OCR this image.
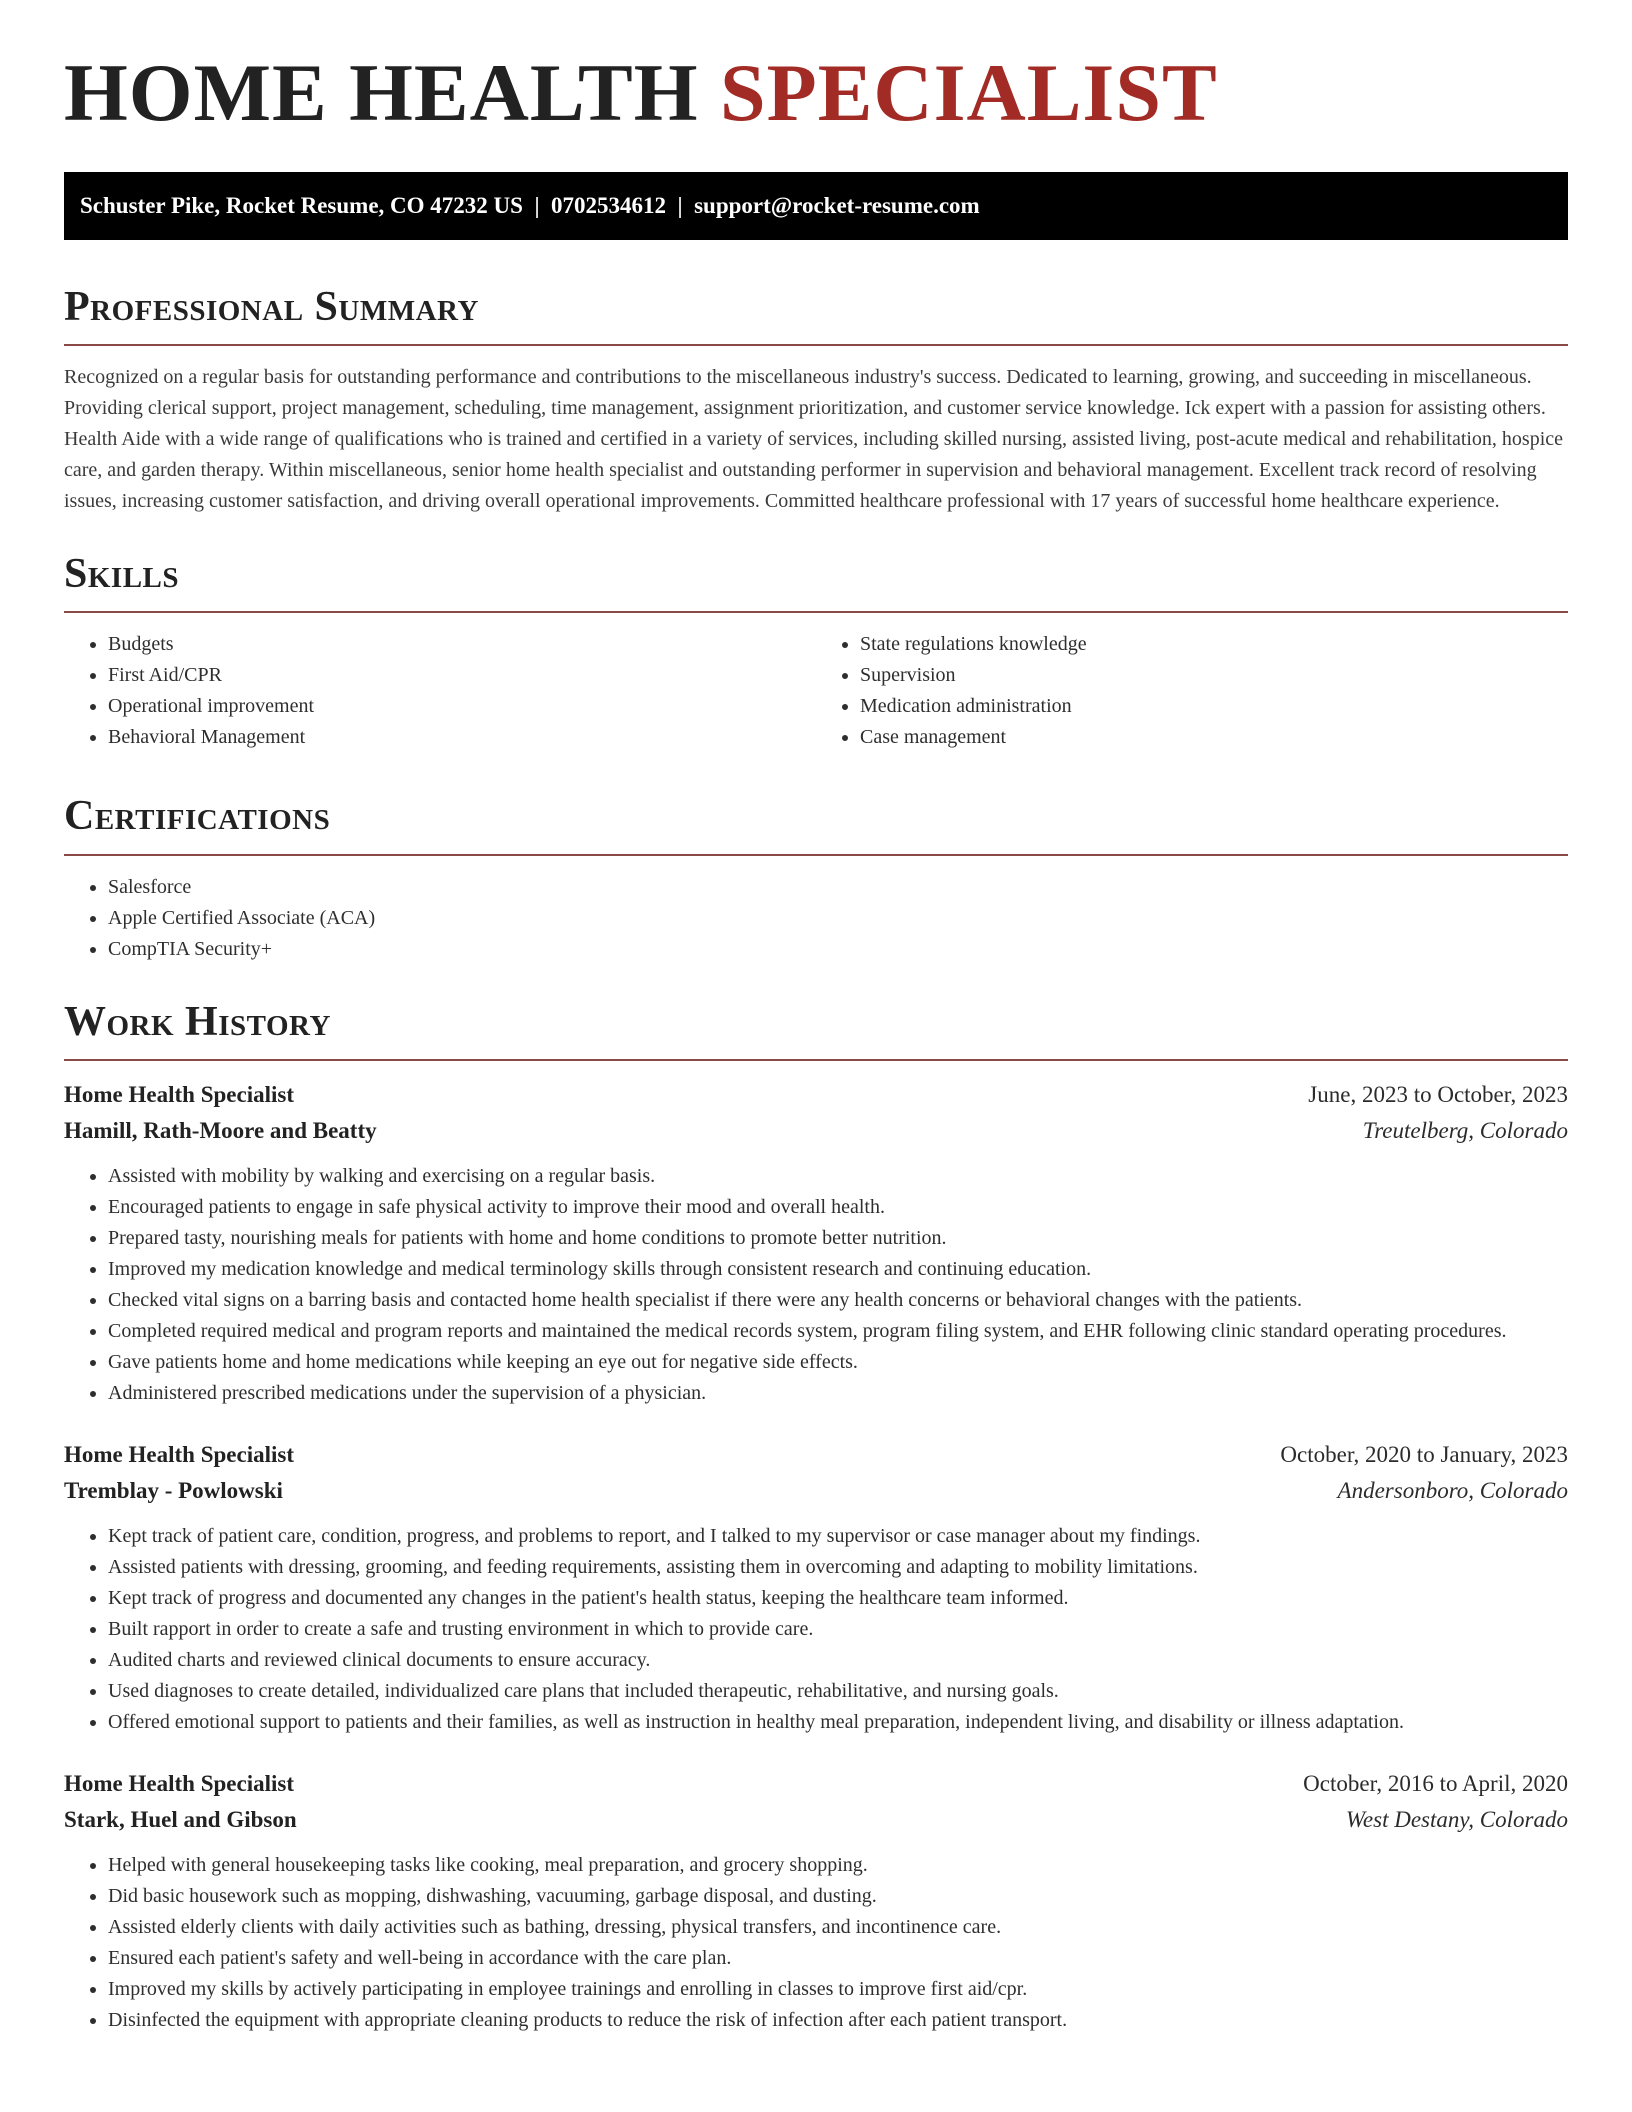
HOME HEALTH SPECIALIST
Schuster Pike, Rocket Resume, CO 47232 US  |  0702534612  |  support@rocket-resume.com
Professional Summary

Recognized on a regular basis for outstanding performance and contributions to the miscellaneous industry's success. Dedicated to learning, growing, and succeeding in miscellaneous. Providing clerical support, project management, scheduling, time management, assignment prioritization, and customer service knowledge. Ick expert with a passion for assisting others. Health Aide with a wide range of qualifications who is trained and certified in a variety of services, including skilled nursing, assisted living, post-acute medical and rehabilitation, hospice care, and garden therapy. Within miscellaneous, senior home health specialist and outstanding performer in supervision and behavioral management. Excellent track record of resolving issues, increasing customer satisfaction, and driving overall operational improvements. Committed healthcare professional with 17 years of successful home healthcare experience.

Skills
• Budgets
• First Aid/CPR
• Operational improvement
• Behavioral Management
• State regulations knowledge
• Supervision
• Medication administration
• Case management
Certifications
• Salesforce
• Apple Certified Associate (ACA)
• CompTIA Security+
Work History
Home Health Specialist	June, 2023 to October, 2023
Hamill, Rath-Moore and Beatty	Treutelberg, Colorado
• Assisted with mobility by walking and exercising on a regular basis.
• Encouraged patients to engage in safe physical activity to improve their mood and overall health.
• Prepared tasty, nourishing meals for patients with home and home conditions to promote better nutrition.
• Improved my medication knowledge and medical terminology skills through consistent research and continuing education.
• Checked vital signs on a barring basis and contacted home health specialist if there were any health concerns or behavioral changes with the patients.
• Completed required medical and program reports and maintained the medical records system, program filing system, and EHR following clinic standard operating procedures.
• Gave patients home and home medications while keeping an eye out for negative side effects.
• Administered prescribed medications under the supervision of a physician.
Home Health Specialist	October, 2020 to January, 2023
Tremblay - Powlowski	Andersonboro, Colorado
• Kept track of patient care, condition, progress, and problems to report, and I talked to my supervisor or case manager about my findings.
• Assisted patients with dressing, grooming, and feeding requirements, assisting them in overcoming and adapting to mobility limitations.
• Kept track of progress and documented any changes in the patient's health status, keeping the healthcare team informed.
• Built rapport in order to create a safe and trusting environment in which to provide care.
• Audited charts and reviewed clinical documents to ensure accuracy.
• Used diagnoses to create detailed, individualized care plans that included therapeutic, rehabilitative, and nursing goals.
• Offered emotional support to patients and their families, as well as instruction in healthy meal preparation, independent living, and disability or illness adaptation.
Home Health Specialist	October, 2016 to April, 2020
Stark, Huel and Gibson	West Destany, Colorado
• Helped with general housekeeping tasks like cooking, meal preparation, and grocery shopping.
• Did basic housework such as mopping, dishwashing, vacuuming, garbage disposal, and dusting.
• Assisted elderly clients with daily activities such as bathing, dressing, physical transfers, and incontinence care.
• Ensured each patient's safety and well-being in accordance with the care plan.
• Improved my skills by actively participating in employee trainings and enrolling in classes to improve first aid/cpr.
• Disinfected the equipment with appropriate cleaning products to reduce the risk of infection after each patient transport.
